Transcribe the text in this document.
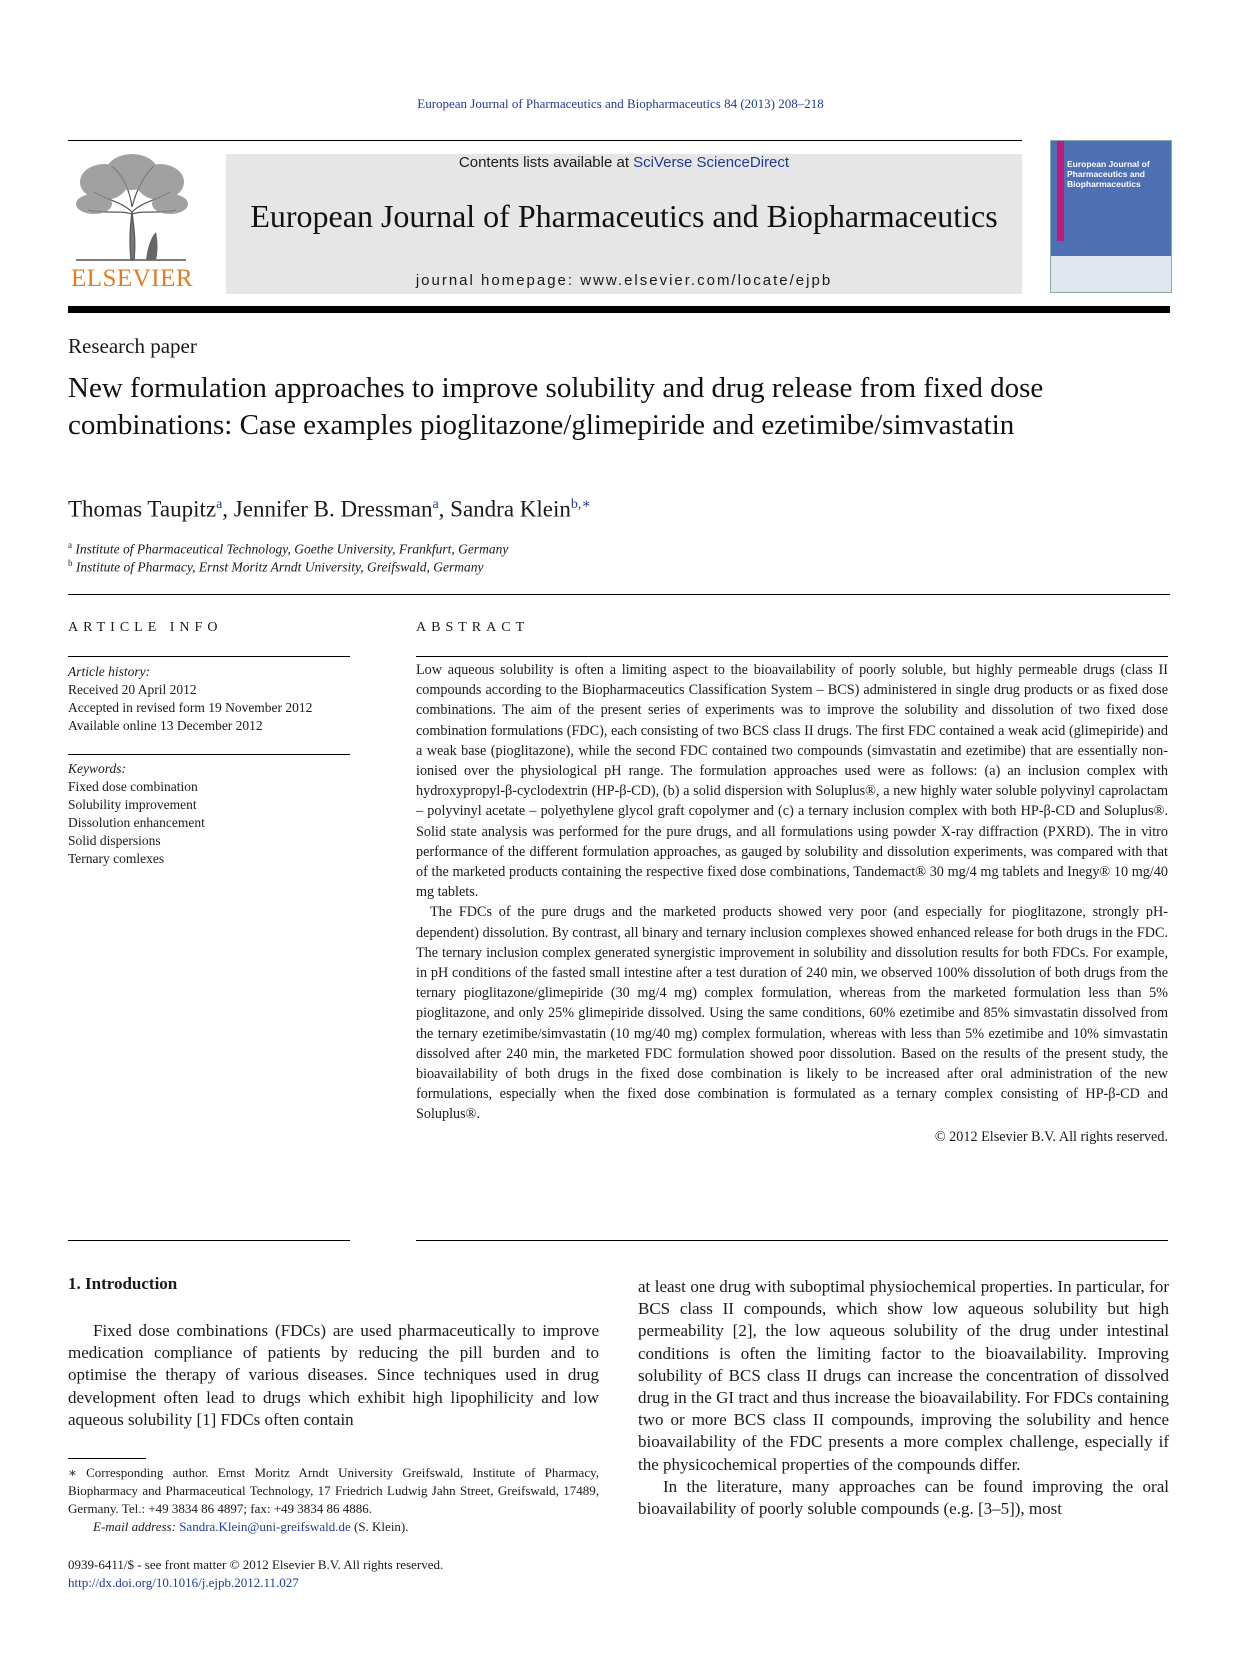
European Journal of Pharmaceutics and Biopharmaceutics 84 (2013) 208–218
ELSEVIER
Contents lists available at SciVerse ScienceDirect
European Journal of Pharmaceutics and Biopharmaceutics
journal homepage: www.elsevier.com/locate/ejpb
European Journal of Pharmaceutics and Biopharmaceutics
Research paper
New formulation approaches to improve solubility and drug release from fixed dose combinations: Case examples pioglitazone/glimepiride and ezetimibe/simvastatin
Thomas Taupitz$^a$, Jennifer B. Dressman$^a$, Sandra Klein$^{b,∗}$
$^a$ Institute of Pharmaceutical Technology, Goethe University, Frankfurt, Germany
$^b$ Institute of Pharmacy, Ernst Moritz Arndt University, Greifswald, Germany
ARTICLE INFO
Article history:
Received 20 April 2012
Accepted in revised form 19 November 2012
Available online 13 December 2012
Keywords:
Fixed dose combination
Solubility improvement
Dissolution enhancement
Solid dispersions
Ternary comlexes
ABSTRACT

Low aqueous solubility is often a limiting aspect to the bioavailability of poorly soluble, but highly permeable drugs (class II compounds according to the Biopharmaceutics Classification System – BCS) administered in single drug products or as fixed dose combinations. The aim of the present series of experiments was to improve the solubility and dissolution of two fixed dose combination formulations (FDC), each consisting of two BCS class II drugs. The first FDC contained a weak acid (glimepiride) and a weak base (pioglitazone), while the second FDC contained two compounds (simvastatin and ezetimibe) that are essentially non-ionised over the physiological pH range. The formulation approaches used were as follows: (a) an inclusion complex with hydroxypropyl-β-cyclodextrin (HP-β-CD), (b) a solid dispersion with Soluplus®, a new highly water soluble polyvinyl caprolactam – polyvinyl acetate – polyethylene glycol graft copolymer and (c) a ternary inclusion complex with both HP-β-CD and Soluplus®. Solid state analysis was performed for the pure drugs, and all formulations using powder X-ray diffraction (PXRD). The in vitro performance of the different formulation approaches, as gauged by solubility and dissolution experiments, was compared with that of the marketed products containing the respective fixed dose combinations, Tandemact® 30 mg/4 mg tablets and Inegy® 10 mg/40 mg tablets.

The FDCs of the pure drugs and the marketed products showed very poor (and especially for pioglitazone, strongly pH-dependent) dissolution. By contrast, all binary and ternary inclusion complexes showed enhanced release for both drugs in the FDC. The ternary inclusion complex generated synergistic improvement in solubility and dissolution results for both FDCs. For example, in pH conditions of the fasted small intestine after a test duration of 240 min, we observed 100% dissolution of both drugs from the ternary pioglitazone/glimepiride (30 mg/4 mg) complex formulation, whereas from the marketed formulation less than 5% pioglitazone, and only 25% glimepiride dissolved. Using the same conditions, 60% ezetimibe and 85% simvastatin dissolved from the ternary ezetimibe/simvastatin (10 mg/40 mg) complex formulation, whereas with less than 5% ezetimibe and 10% simvastatin dissolved after 240 min, the marketed FDC formulation showed poor dissolution. Based on the results of the present study, the bioavailability of both drugs in the fixed dose combination is likely to be increased after oral administration of the new formulations, especially when the fixed dose combination is formulated as a ternary complex consisting of HP-β-CD and Soluplus®.

© 2012 Elsevier B.V. All rights reserved.
1. Introduction

Fixed dose combinations (FDCs) are used pharmaceutically to improve medication compliance of patients by reducing the pill burden and to optimise the therapy of various diseases. Since techniques used in drug development often lead to drugs which exhibit high lipophilicity and low aqueous solubility [1] FDCs often contain

at least one drug with suboptimal physiochemical properties. In particular, for BCS class II compounds, which show low aqueous solubility but high permeability [2], the low aqueous solubility of the drug under intestinal conditions is often the limiting factor to the bioavailability. Improving solubility of BCS class II drugs can increase the concentration of dissolved drug in the GI tract and thus increase the bioavailability. For FDCs containing two or more BCS class II compounds, improving the solubility and hence bioavailability of the FDC presents a more complex challenge, especially if the physicochemical properties of the compounds differ.

In the literature, many approaches can be found improving the oral bioavailability of poorly soluble compounds (e.g. [3–5]), most

∗ Corresponding author. Ernst Moritz Arndt University Greifswald, Institute of Pharmacy, Biopharmacy and Pharmaceutical Technology, 17 Friedrich Ludwig Jahn Street, Greifswald, 17489, Germany. Tel.: +49 3834 86 4897; fax: +49 3834 86 4886.
E-mail address: Sandra.Klein@uni-greifswald.de (S. Klein).
0939-6411/$ - see front matter © 2012 Elsevier B.V. All rights reserved.
http://dx.doi.org/10.1016/j.ejpb.2012.11.027
